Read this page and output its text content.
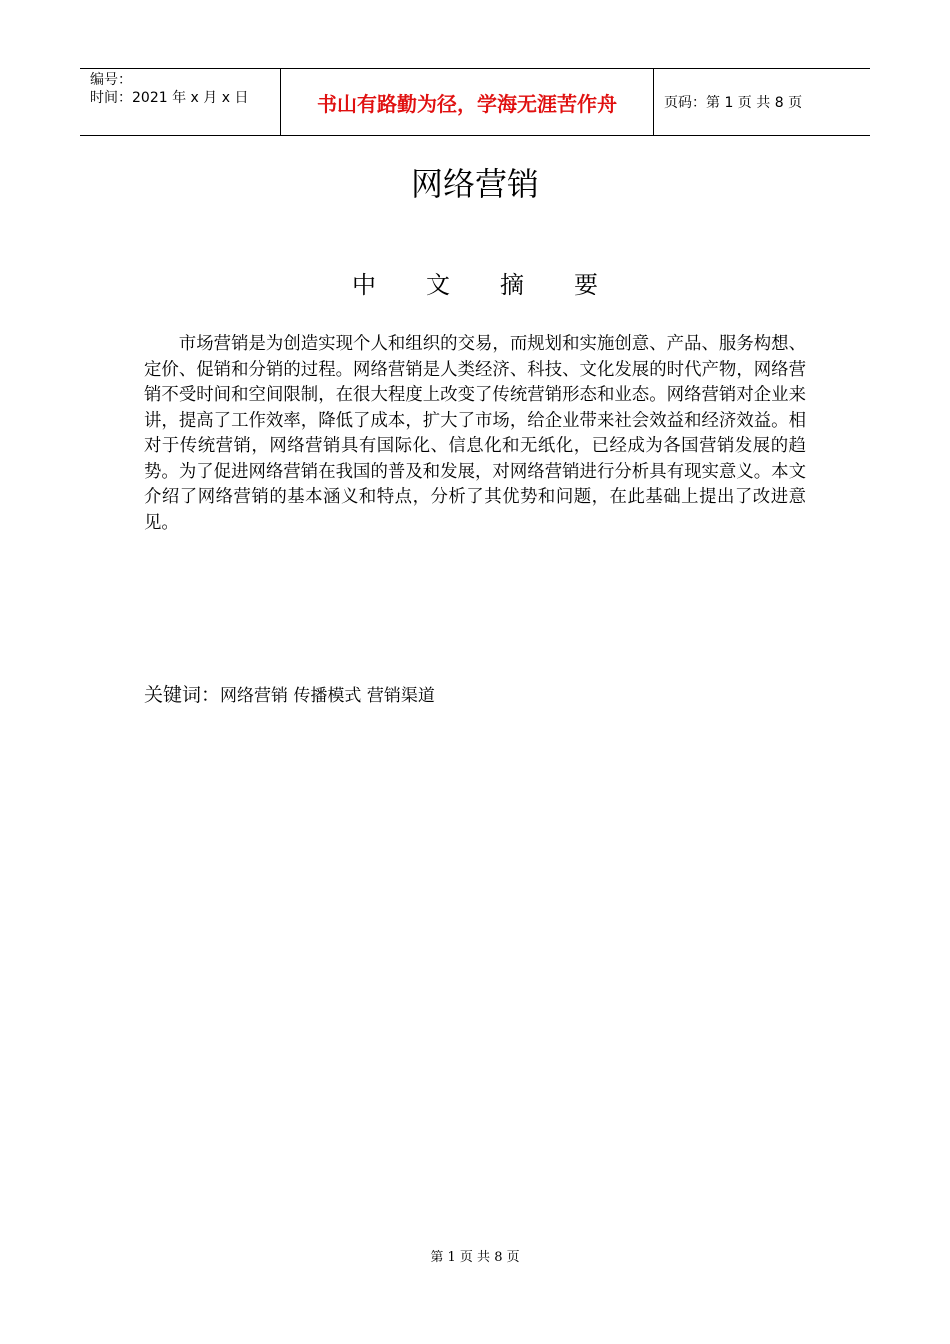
编号：
时间：2021 年 x 月 x 日	书山有路勤为径，学海无涯苦作舟	页码：第 1 页 共 8 页
网络营销
中文摘要

市场营销是为创造实现个人和组织的交易，而规划和实施创意、产品、服务构想、定价、促销和分销的过程。网络营销是人类经济、科技、文化发展的时代产物，网络营销不受时间和空间限制，在很大程度上改变了传统营销形态和业态。网络营销对企业来讲，提高了工作效率，降低了成本，扩大了市场，给企业带来社会效益和经济效益。相对于传统营销，网络营销具有国际化、信息化和无纸化，已经成为各国营销发展的趋势。为了促进网络营销在我国的普及和发展，对网络营销进行分析具有现实意义。本文介绍了网络营销的基本涵义和特点，分析了其优势和问题，在此基础上提出了改进意见。

关键词：网络营销 传播模式 营销渠道
第 1 页 共 8 页
